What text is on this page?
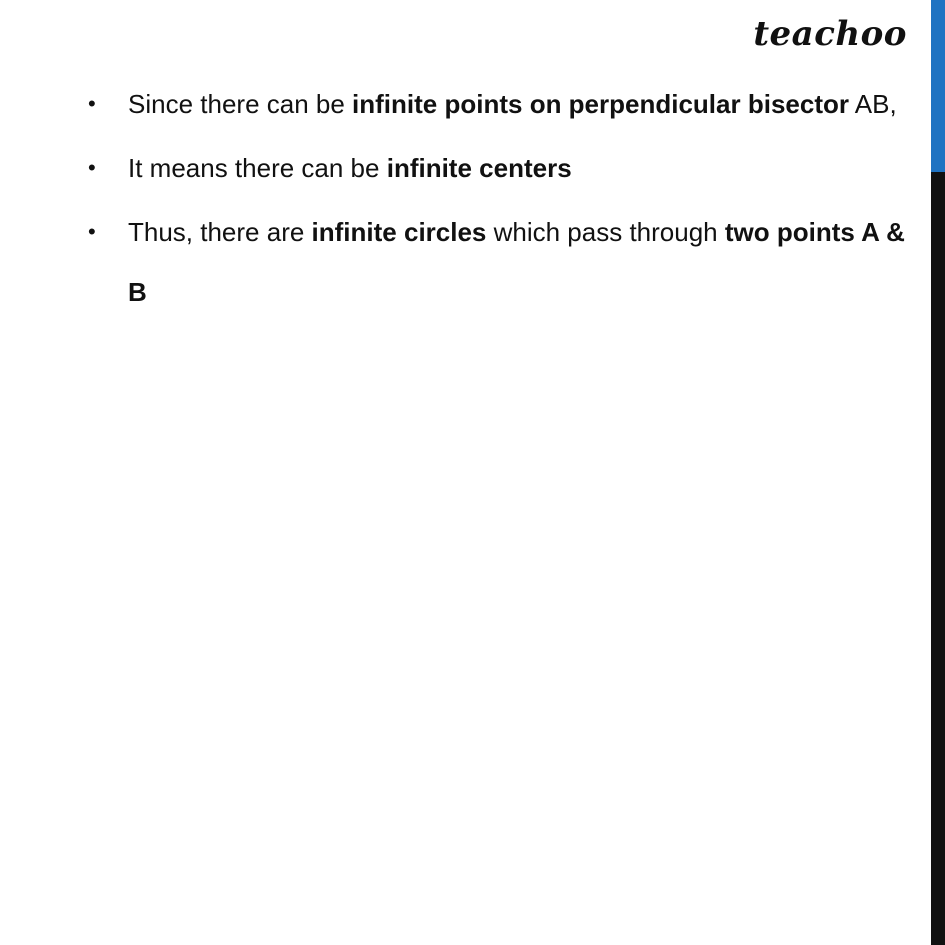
teachoo
• Since there can be infinite points on perpendicular bisector AB,
• It means there can be infinite centers
• Thus, there are infinite circles which pass through two points A & B
